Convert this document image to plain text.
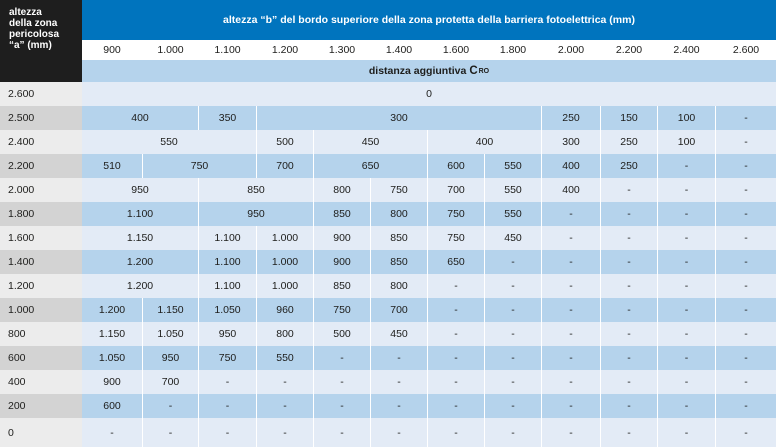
altezza
della zona
pericolosa
“a” (mm)
altezza “b” del bordo superiore della zona protetta della barriera fotoelettrica (mm)
900	1.000	1.100	1.200	1.300	1.400	1.600	1.800	2.000	2.200	2.400	2.600
distanza aggiuntiva C RO
2.600	0
2.500	400	350	300	250	150	100	-
2.400	550	500	450	400	300	250	100	-
2.200	510	750	700	650	600	550	400	250	-	-
2.000	950	850	800	750	700	550	400	-	-	-
1.800	1.100	950	850	800	750	550	-	-	-	-
1.600	1.150	1.100	1.000	900	850	750	450	-	-	-	-
1.400	1.200	1.100	1.000	900	850	650	-	-	-	-	-
1.200	1.200	1.100	1.000	850	800	-	-	-	-	-	-
1.000	1.200	1.150	1.050	960	750	700	-	-	-	-	-	-
800	1.150	1.050	950	800	500	450	-	-	-	-	-	-
600	1.050	950	750	550	-	-	-	-	-	-	-	-
400	900	700	-	-	-	-	-	-	-	-	-	-
200	600	-	-	-	-	-	-	-	-	-	-	-
0	-	-	-	-	-	-	-	-	-	-	-	-
